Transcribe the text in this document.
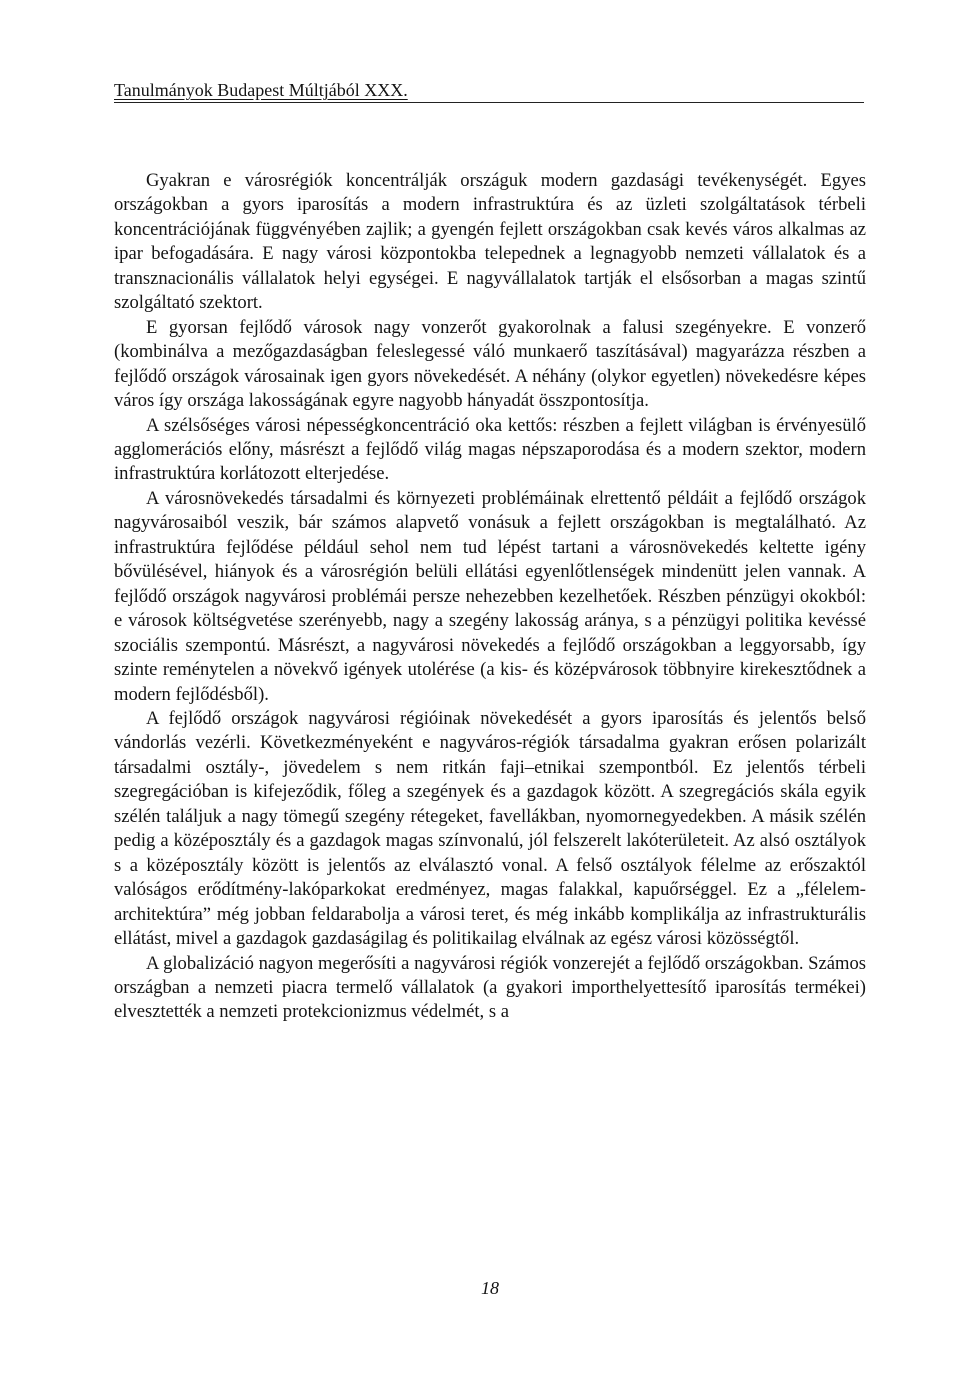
Tanulmányok Budapest Múltjából XXX.

Gyakran e városrégiók koncentrálják országuk modern gazdasági tevékenységét. Egyes országokban a gyors iparosítás a modern infrastruktúra és az üzleti szolgáltatások térbeli koncentrációjának függvényében zajlik; a gyengén fejlett országokban csak kevés város alkalmas az ipar befogadására. E nagy városi központokba telepednek a legnagyobb nemzeti vállalatok és a transznacionális vállalatok helyi egységei. E nagyvállalatok tartják el elsősorban a magas szintű szolgáltató szektort.

E gyorsan fejlődő városok nagy vonzerőt gyakorolnak a falusi szegényekre. E vonzerő (kombinálva a mezőgazdaságban feleslegessé váló munkaerő taszításával) magyarázza részben a fejlődő országok városainak igen gyors növekedését. A néhány (olykor egyetlen) növekedésre képes város így országa lakosságának egyre nagyobb hányadát összpontosítja.

A szélsőséges városi népességkoncentráció oka kettős: részben a fejlett világban is érvényesülő agglomerációs előny, másrészt a fejlődő világ magas népszaporodása és a modern szektor, modern infrastruktúra korlátozott elterjedése.

A városnövekedés társadalmi és környezeti problémáinak elrettentő példáit a fejlődő országok nagyvárosaiból veszik, bár számos alapvető vonásuk a fejlett országokban is megtalálható. Az infrastruktúra fejlődése például sehol nem tud lépést tartani a városnövekedés keltette igény bővülésével, hiányok és a városrégión belüli ellátási egyenlőtlenségek mindenütt jelen vannak. A fejlődő országok nagyvárosi problémái persze nehezebben kezelhetőek. Részben pénzügyi okokból: e városok költségvetése szerényebb, nagy a szegény lakosság aránya, s a pénzügyi politika kevéssé szociális szempontú. Másrészt, a nagyvárosi növekedés a fejlődő országokban a leggyorsabb, így szinte reménytelen a növekvő igények utolérése (a kis- és középvárosok többnyire kirekesztődnek a modern fejlődésből).

A fejlődő országok nagyvárosi régióinak növekedését a gyors iparosítás és jelentős belső vándorlás vezérli. Következményeként e nagyváros-régiók társadalma gyakran erősen polarizált társadalmi osztály-, jövedelem s nem ritkán faji–etnikai szempontból. Ez jelentős térbeli szegregációban is kifejeződik, főleg a szegények és a gazdagok között. A szegregációs skála egyik szélén találjuk a nagy tömegű szegény rétegeket, favellákban, nyomornegyedekben. A másik szélén pedig a középosztály és a gazdagok magas színvonalú, jól felszerelt lakóterületeit. Az alsó osztályok s a középosztály között is jelentős az elválasztó vonal. A felső osztályok félelme az erőszaktól valóságos erődítmény-lakóparkokat eredményez, magas falakkal, kapuőrséggel. Ez a „félelem-architektúra” még jobban feldarabolja a városi teret, és még inkább komplikálja az infrastrukturális ellátást, mivel a gazdagok gazdaságilag és politikailag elválnak az egész városi közösségtől.

A globalizáció nagyon megerősíti a nagyvárosi régiók vonzerejét a fejlődő országokban. Számos országban a nemzeti piacra termelő vállalatok (a gyakori importhelyettesítő iparosítás termékei) elvesztették a nemzeti protekcionizmus védelmét, s a

18
